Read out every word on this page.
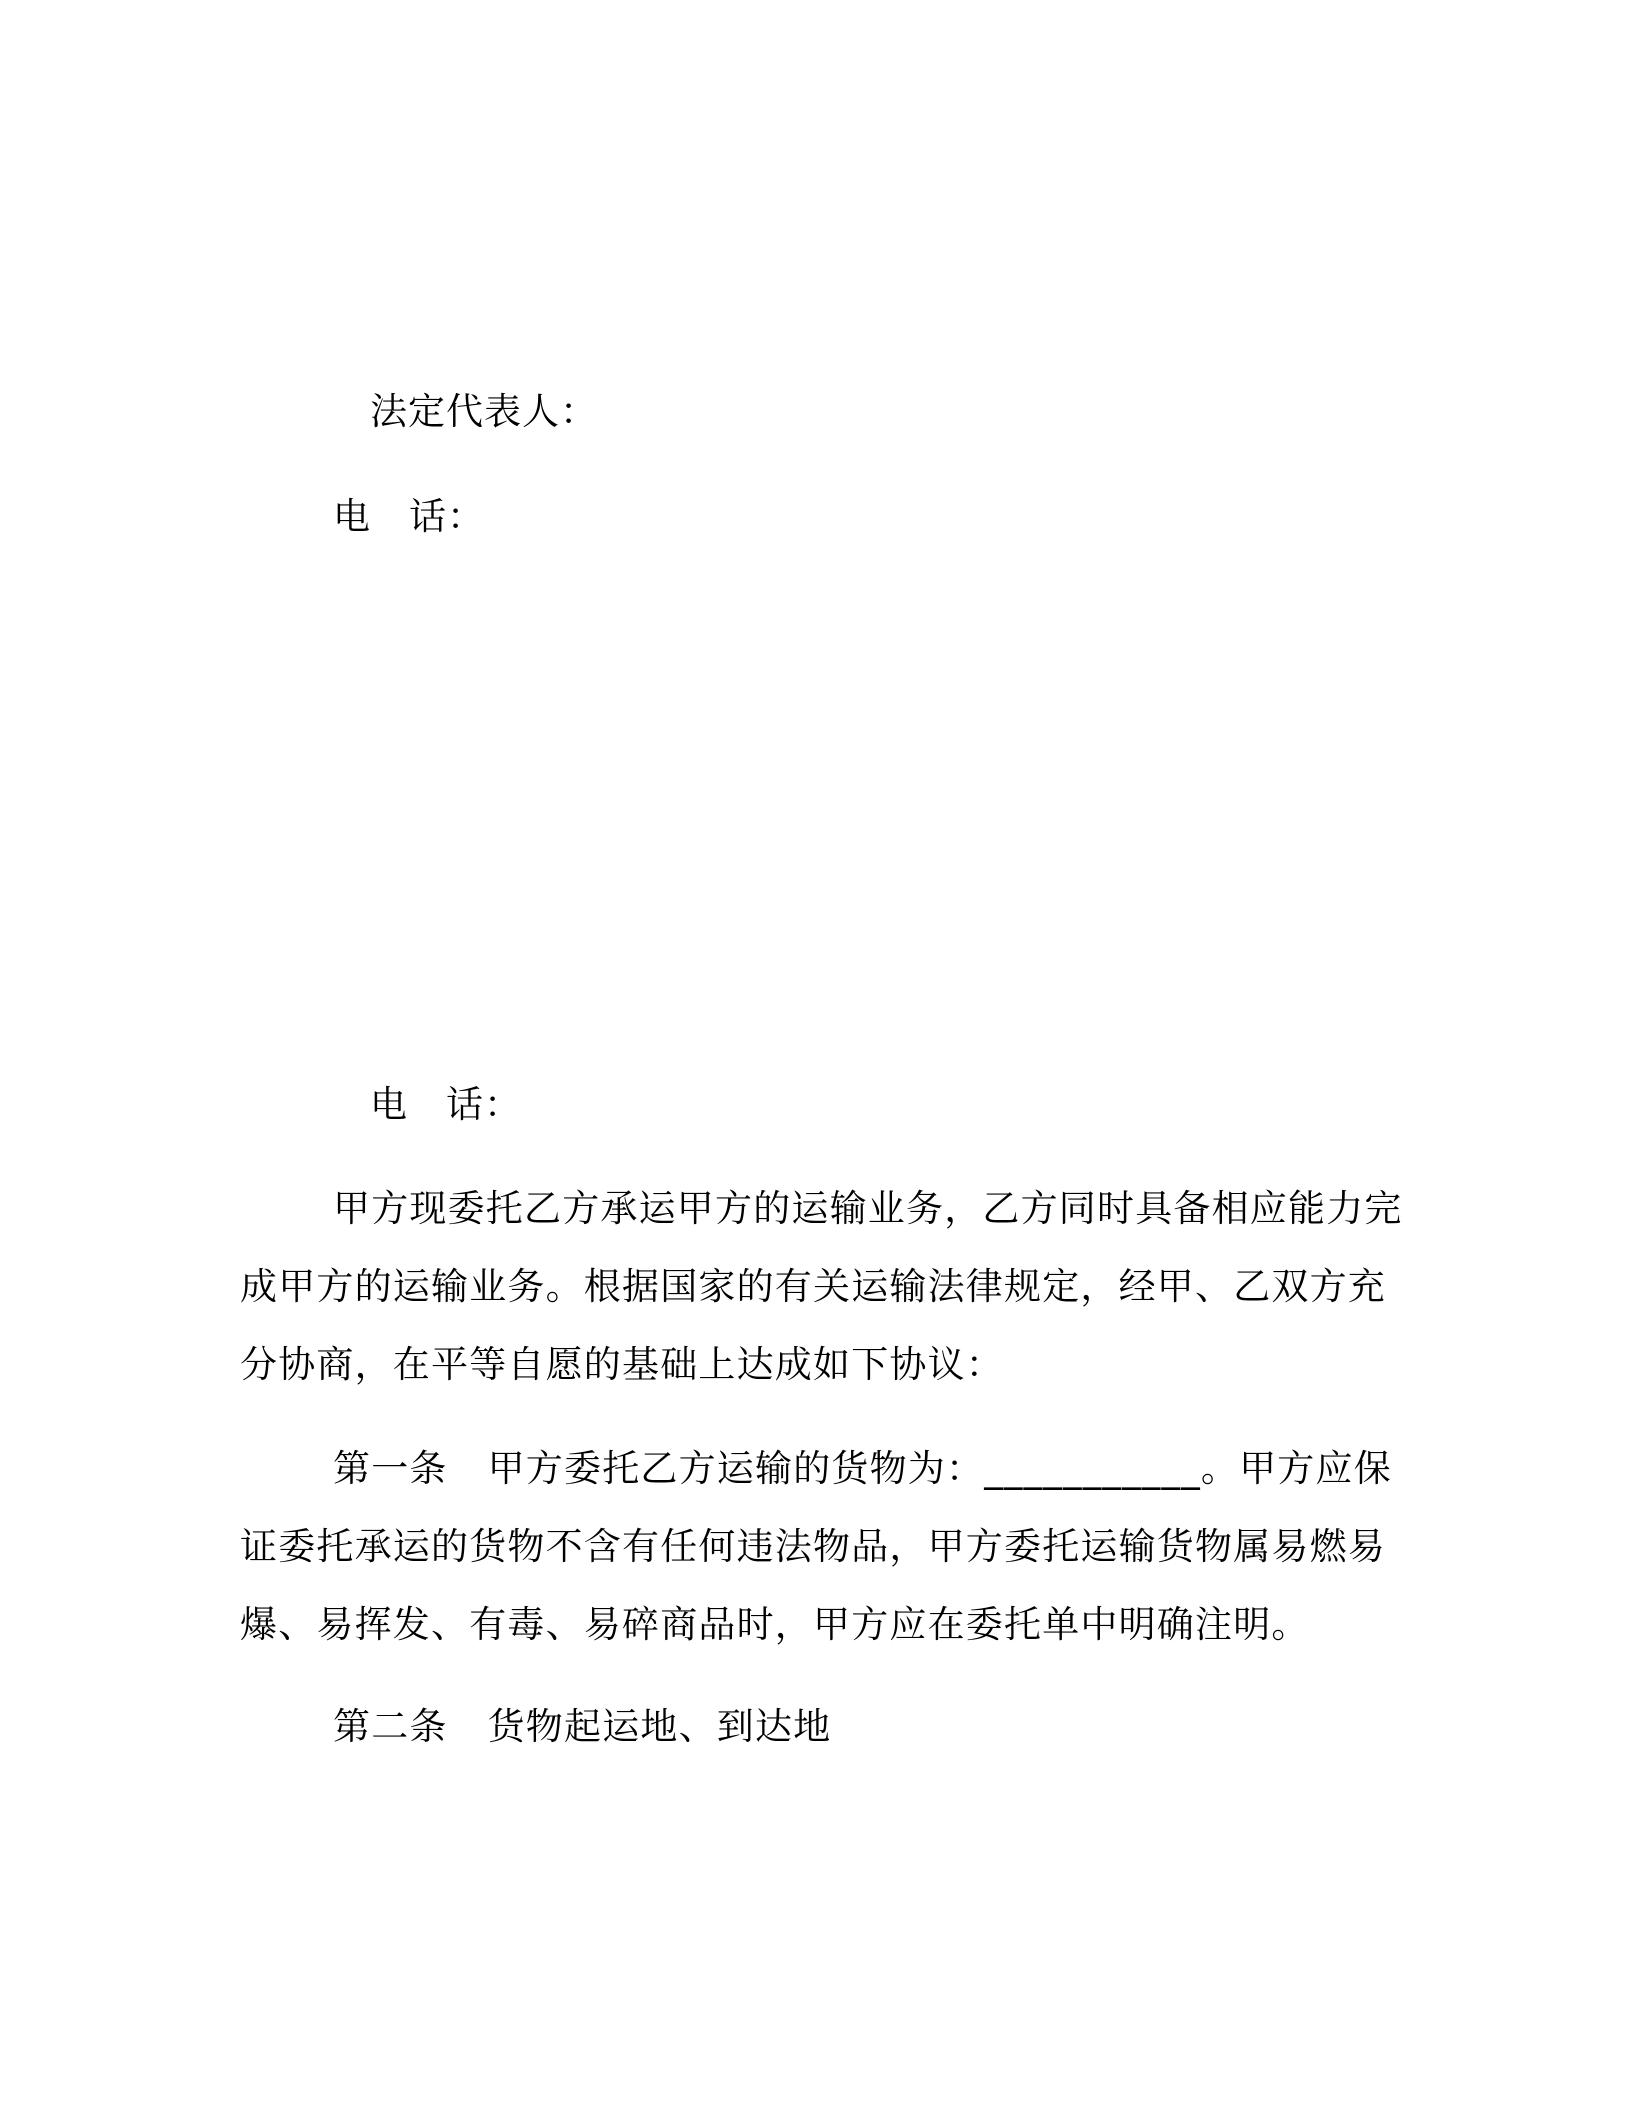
法定代表人：
电　话：
电　话：
甲方现委托乙方承运甲方的运输业务，乙方同时具备相应能力完
成甲方的运输业务。根据国家的有关运输法律规定，经甲、乙双方充
分协商，在平等自愿的基础上达成如下协议：
第一条 甲方委托乙方运输的货物为：___________。甲方应保
证委托承运的货物不含有任何违法物品，甲方委托运输货物属易燃易
爆、易挥发、有毒、易碎商品时，甲方应在委托单中明确注明。
第二条 货物起运地、到达地
